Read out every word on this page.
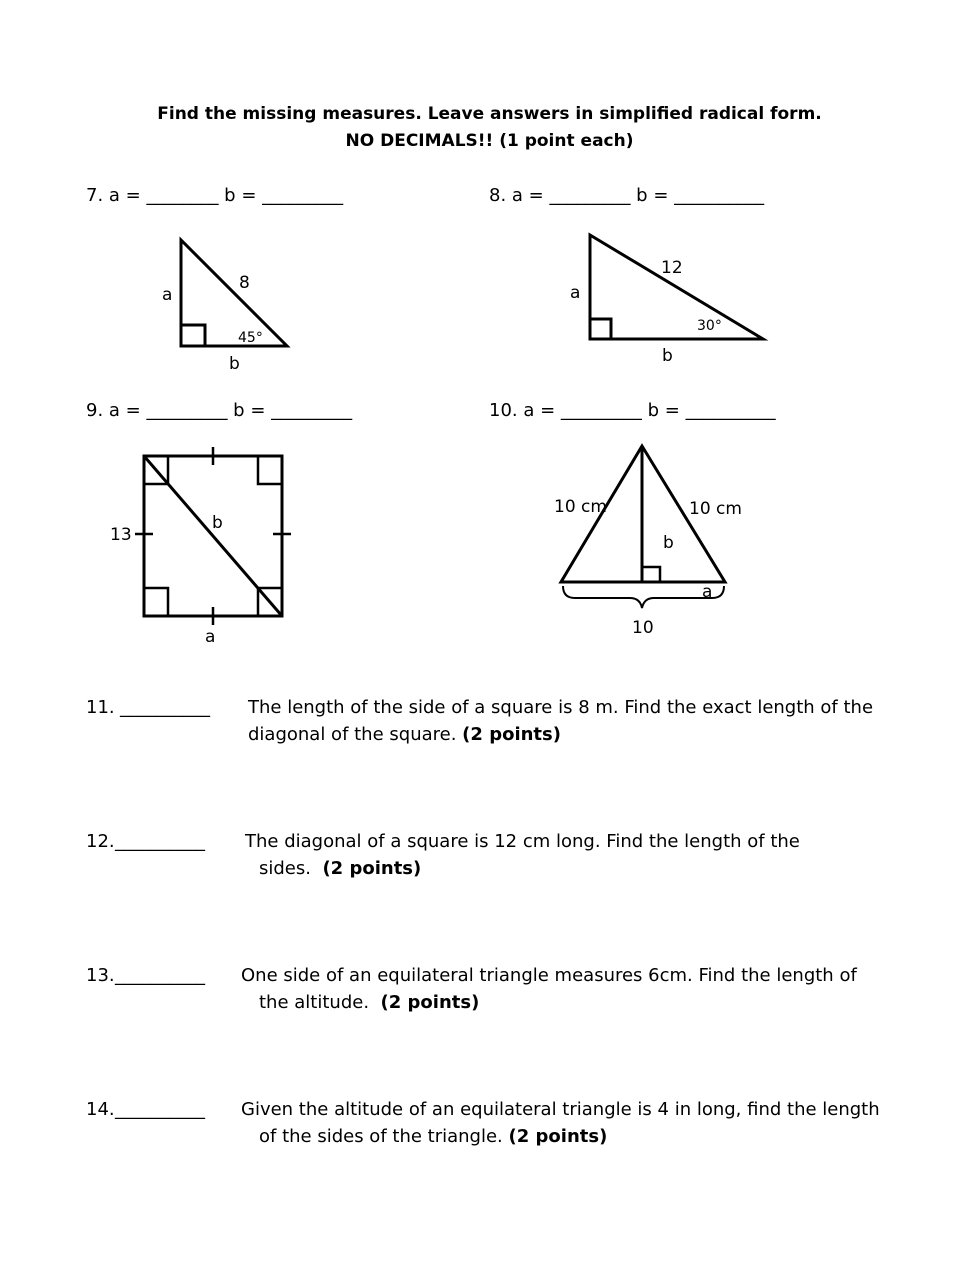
Find the missing measures. Leave answers in simplified radical form.
NO DECIMALS!! (1 point each)
7. a = ________ b = _________
a
8
45°
b
8. a = _________ b = __________
a
12
30°
b
9. a = _________ b = _________
13
b
a
10. a = _________ b = __________
10 cm	10 cm
b
a
10
11. __________ The length of the side of a square is 8 m. Find the exact length of the
diagonal of the square. (2 points)
12. __________ The diagonal of a square is 12 cm long. Find the length of the
sides. (2 points)
13. __________ One side of an equilateral triangle measures 6cm. Find the length of
the altitude. (2 points)
14. __________ Given the altitude of an equilateral triangle is 4 in long, find the length
of the sides of the triangle. (2 points)
